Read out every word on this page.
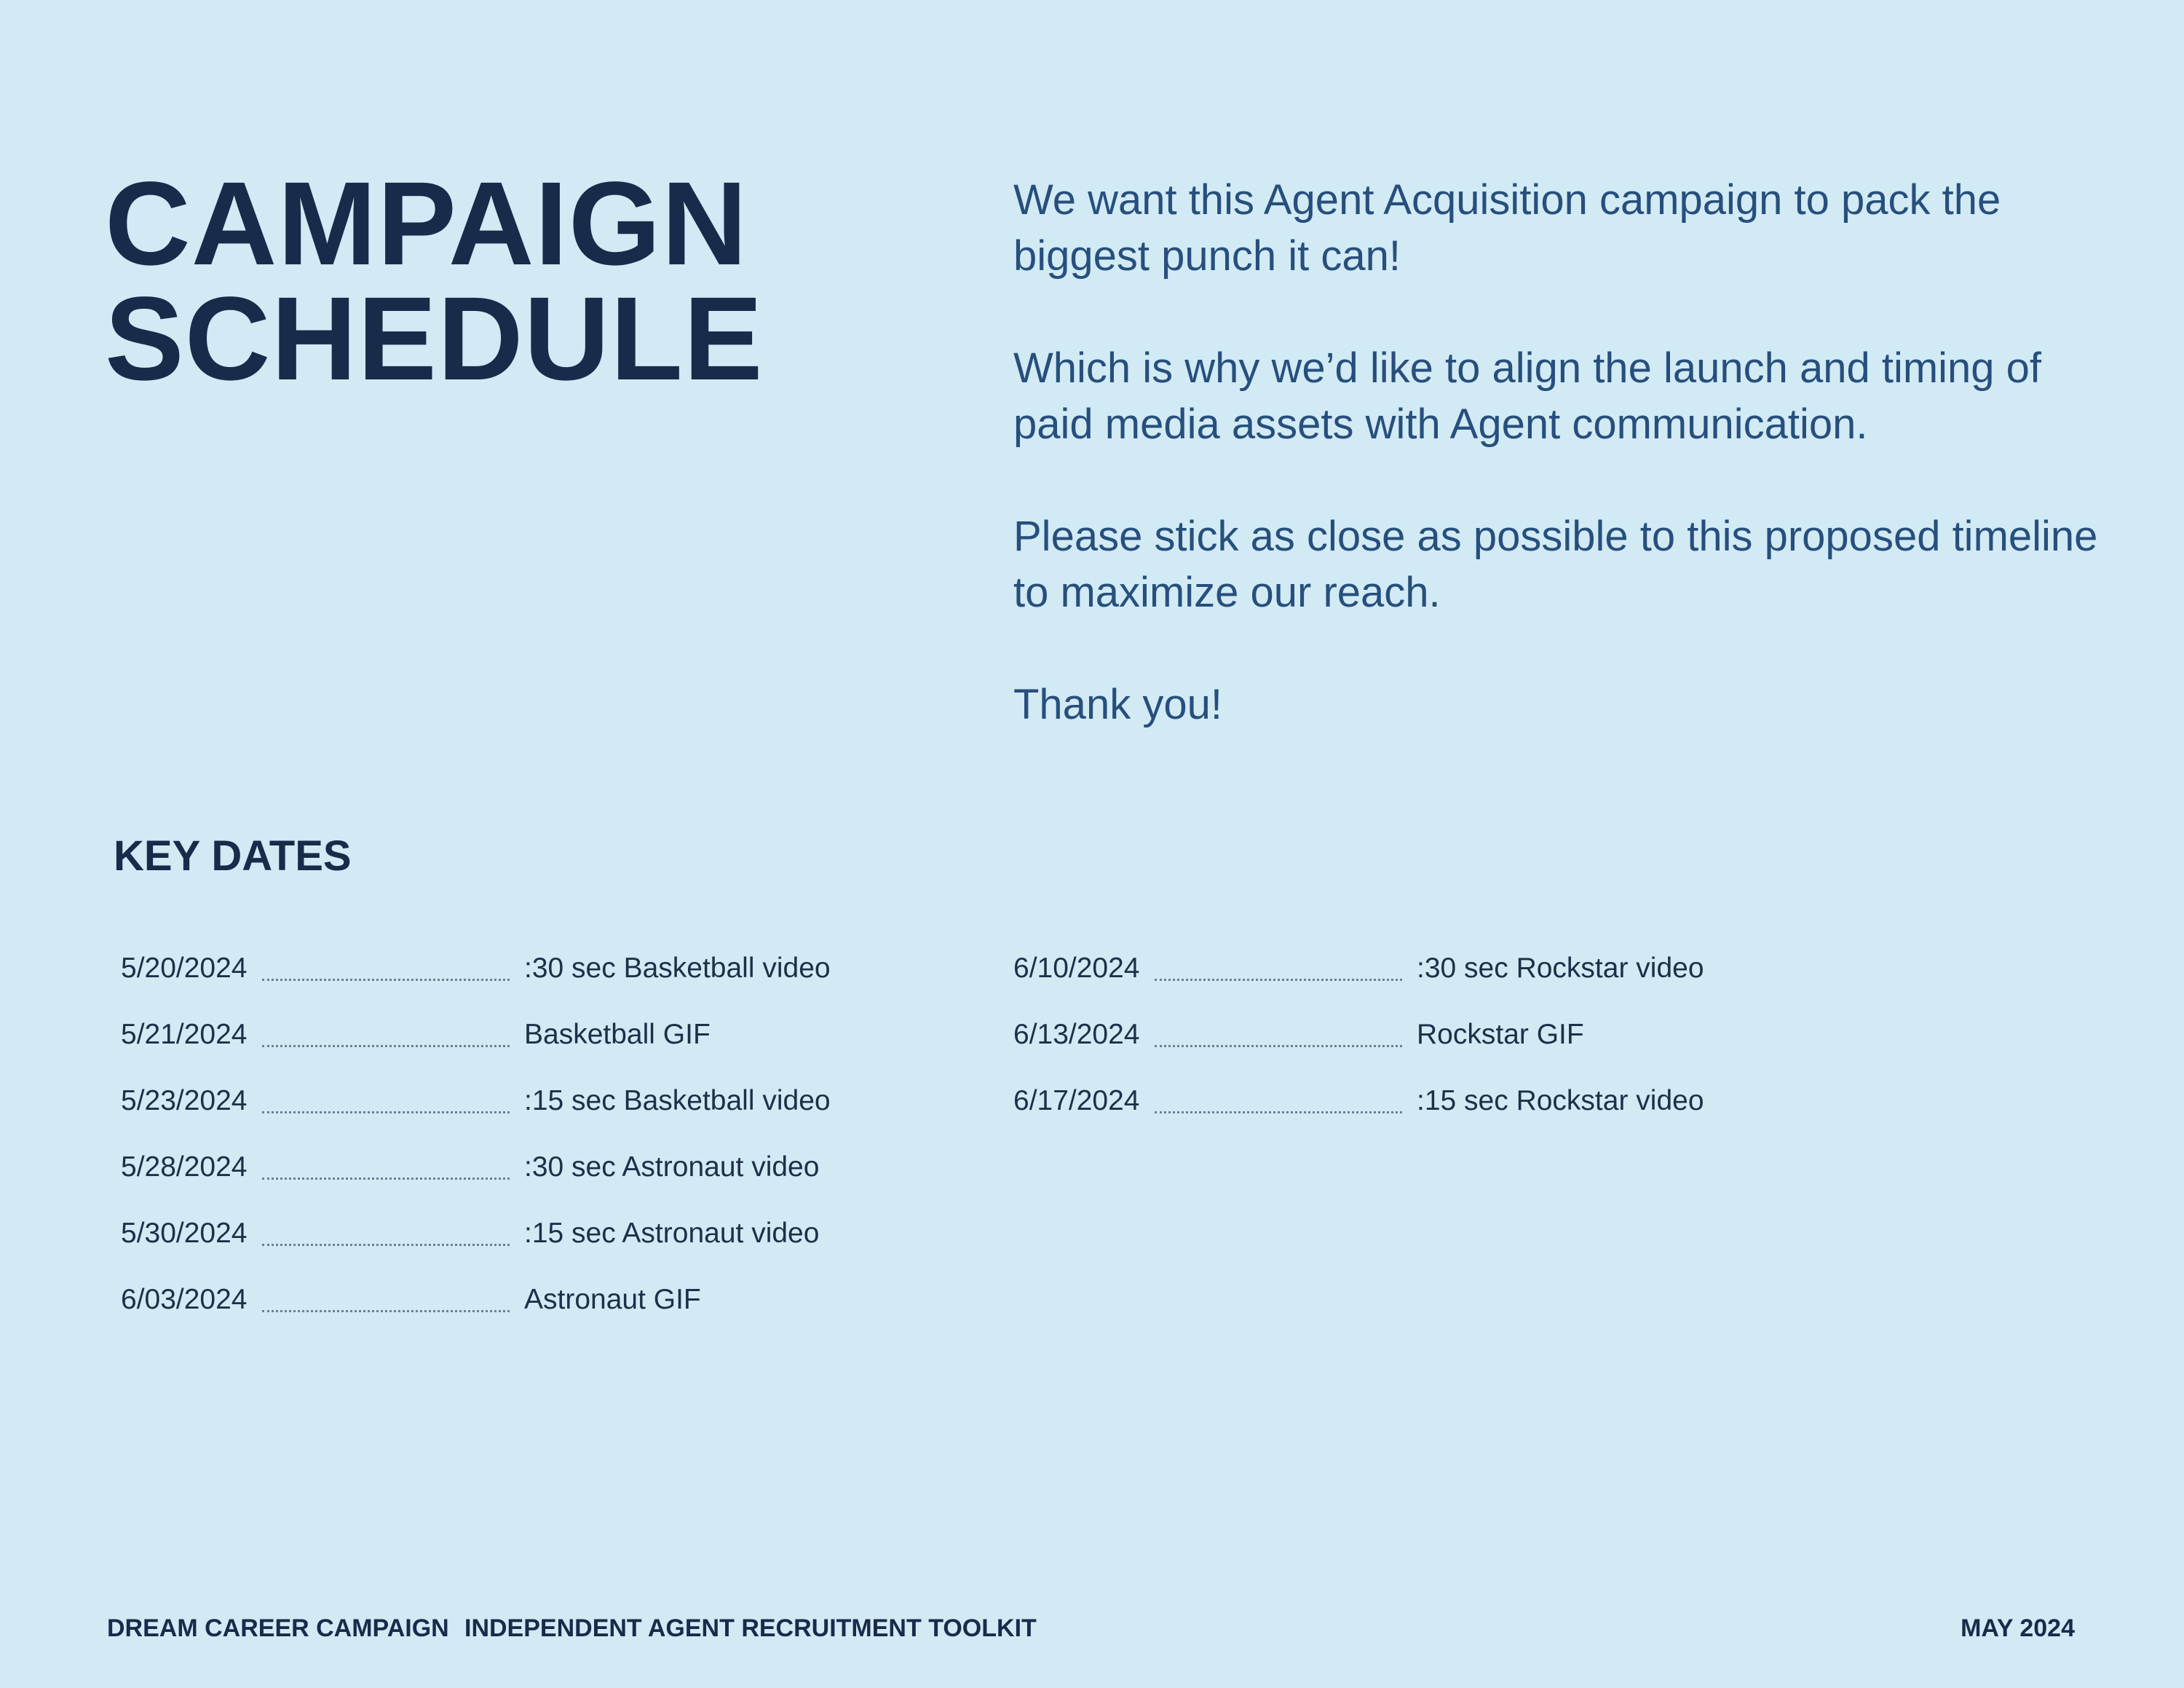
CAMPAIGN
SCHEDULE

We want this Agent Acquisition campaign to pack the biggest punch it can!

Which is why we’d like to align the launch and timing of paid media assets with Agent communication.

Please stick as close as possible to this proposed timeline to maximize our reach.

Thank you!

KEY DATES
5/20/2024	:30 sec Basketball video
5/21/2024	Basketball GIF
5/23/2024	:15 sec Basketball video
5/28/2024	:30 sec Astronaut video
5/30/2024	:15 sec Astronaut video
6/03/2024	Astronaut GIF
6/10/2024	:30 sec Rockstar video
6/13/2024	Rockstar GIF
6/17/2024	:15 sec Rockstar video
DREAM CAREER CAMPAIGN INDEPENDENT AGENT RECRUITMENT TOOLKIT	MAY 2024
